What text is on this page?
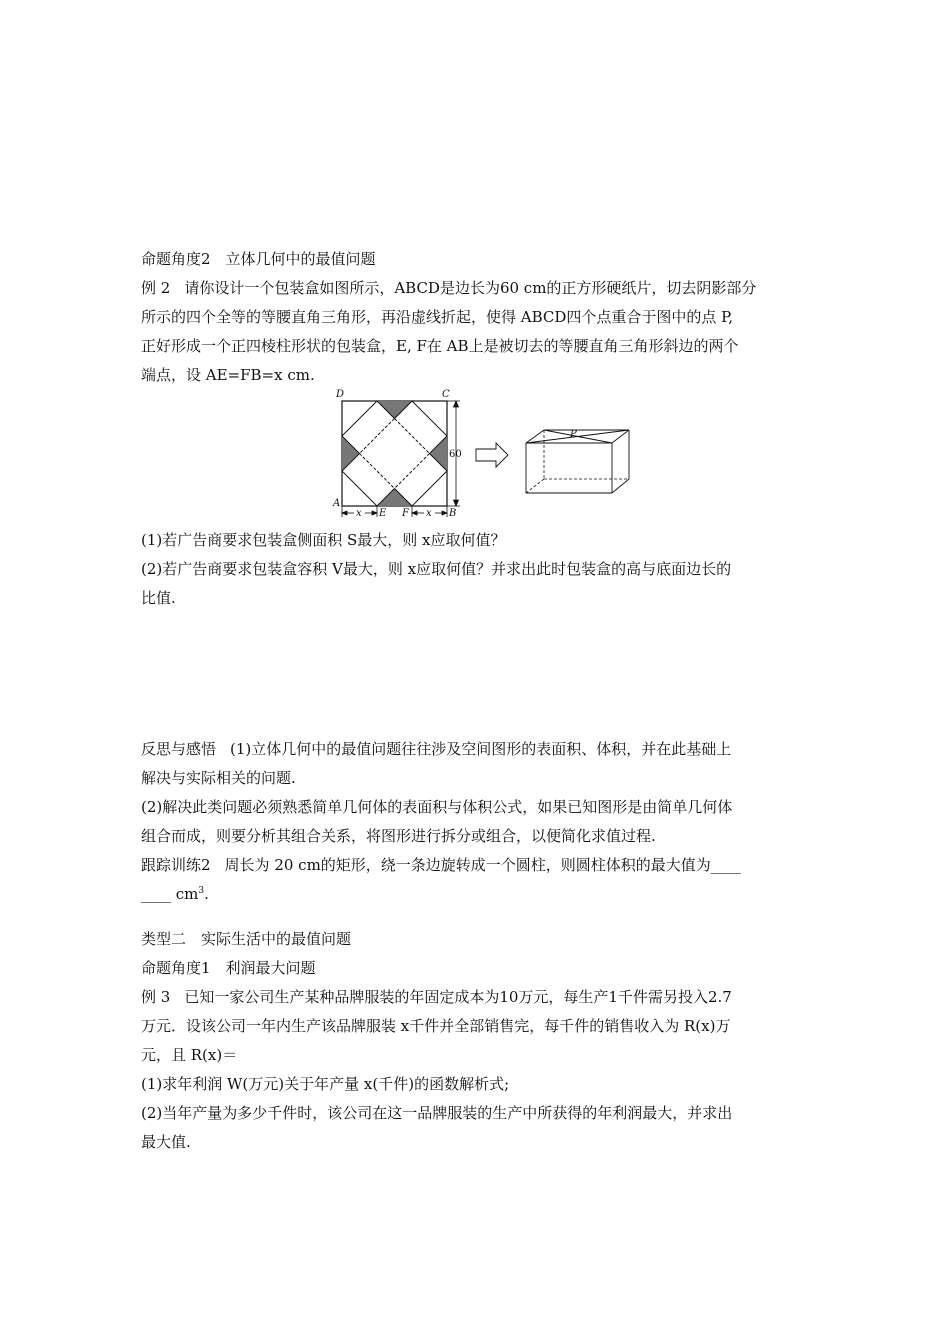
命题角度2　立体几何中的最值问题
例 2 请你设计一个包装盒如图所示，ABCD是边长为60 cm的正方形硬纸片，切去阴影部分
所示的四个全等的等腰直角三角形，再沿虚线折起，使得 ABCD四个点重合于图中的点 P,
正好形成一个正四棱柱形状的包装盒，E, F在 AB上是被切去的等腰直角三角形斜边的两个
端点，设 AE=FB=x cm.
D	C
A
B
E F
x	x
60
P
(1)若广告商要求包装盒侧面积 S最大，则 x应取何值？
(2)若广告商要求包装盒容积 V最大，则 x应取何值？并求出此时包装盒的高与底面边长的
比值.
反思与感悟 (1)立体几何中的最值问题往往涉及空间图形的表面积、体积，并在此基础上
解决与实际相关的问题.
(2)解决此类问题必须熟悉简单几何体的表面积与体积公式，如果已知图形是由简单几何体
组合而成，则要分析其组合关系，将图形进行拆分或组合，以便简化求值过程.
跟踪训练2 周长为 20 cm的矩形，绕一条边旋转成一个圆柱，则圆柱体积的最大值为____
____ $cm^3$.
类型二　实际生活中的最值问题
命题角度1　利润最大问题
例 3 已知一家公司生产某种品牌服装的年固定成本为10万元，每生产1千件需另投入2.7
万元．设该公司一年内生产该品牌服装 x千件并全部销售完，每千件的销售收入为 R(x)万
元，且 R(x)＝
(1)求年利润 W(万元)关于年产量 x(千件)的函数解析式;
(2)当年产量为多少千件时，该公司在这一品牌服装的生产中所获得的年利润最大，并求出
最大值.
